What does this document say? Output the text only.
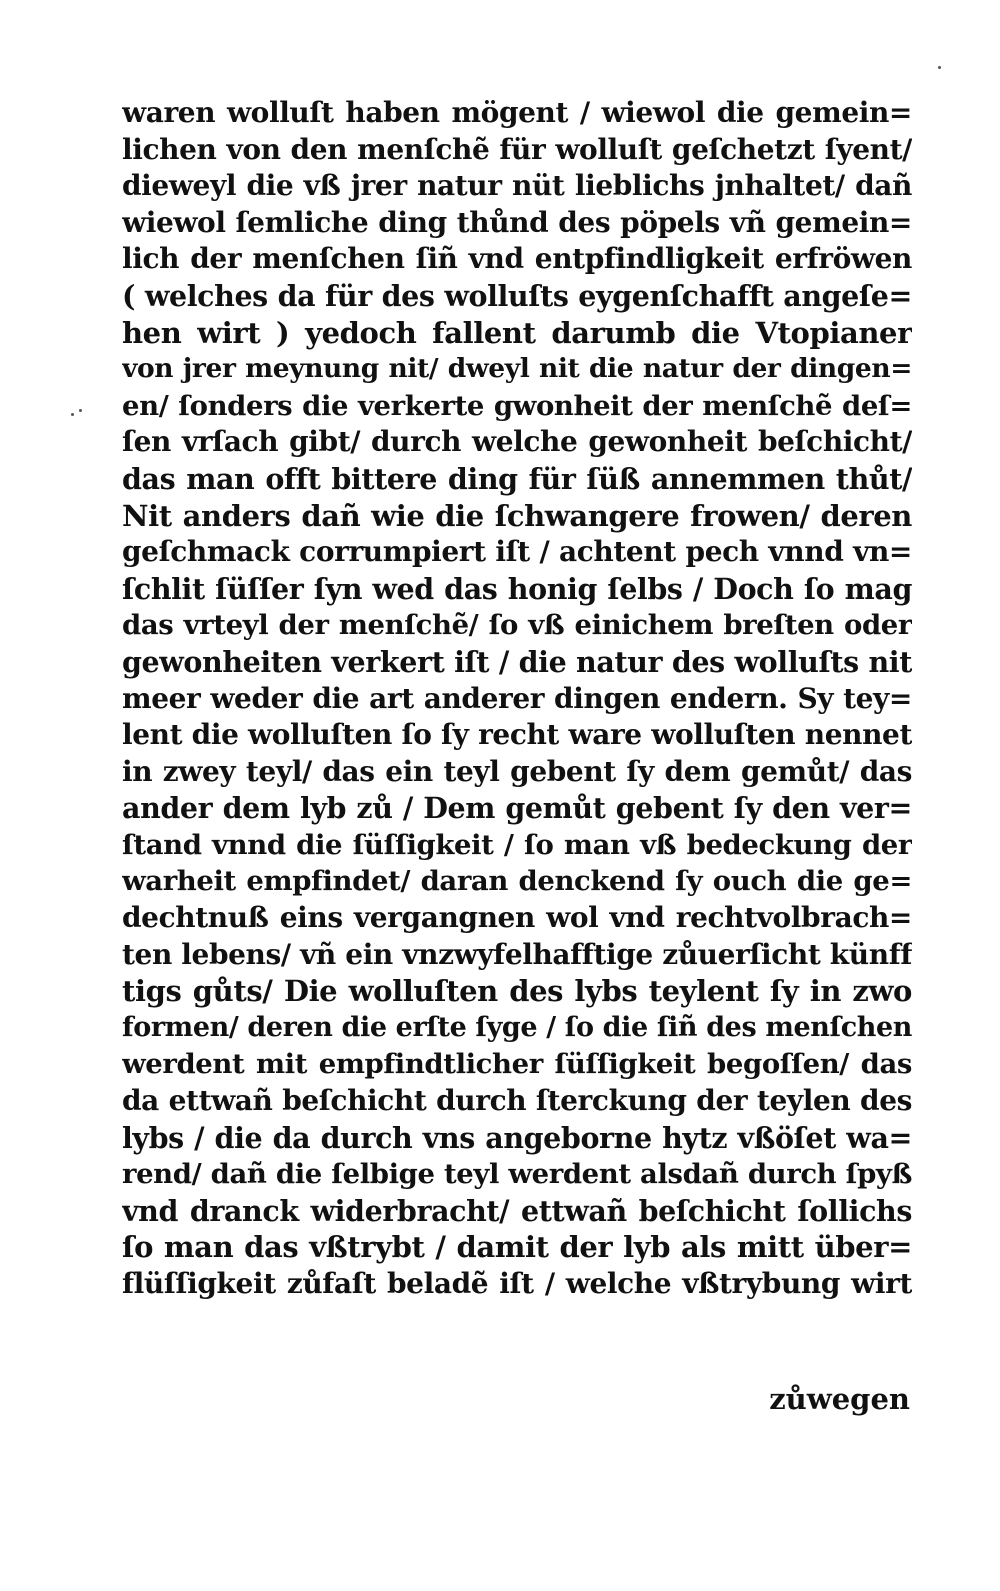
waren wolluſt haben mögent / wiewol die gemein=
lichen von den menſchẽ für wolluſt geſchetzt ſyent/
dieweyl die vß jrer natur nüt lieblichs jnhaltet/ dañ
wiewol ſemliche ding thůnd des pöpels vñ gemein=
lich der menſchen ſiñ vnd entpfindligkeit erfröwen
( welches da für des wolluſts eygenſchafft angeſe=
hen wirt ) yedoch fallent darumb die Vtopianer
von jrer meynung nit/ dweyl nit die natur der dingen=
en/ ſonders die verkerte gwonheit der menſchẽ deſ=
ſen vrſach gibt/ durch welche gewonheit beſchicht/
das man offt bittere ding für ſüß annemmen thůt/
Nit anders dañ wie die ſchwangere frowen/ deren
geſchmack corrumpiert iſt / achtent pech vnnd vn=
ſchlit ſüſſer ſyn wed das honig ſelbs / Doch ſo mag
das vrteyl der menſchẽ/ ſo vß einichem breſten oder
gewonheiten verkert iſt / die natur des wolluſts nit
meer weder die art anderer dingen endern. Sy tey=
lent die wolluſten ſo ſy recht ware wolluſten nennet
in zwey teyl/ das ein teyl gebent ſy dem gemůt/ das
ander dem lyb zů / Dem gemůt gebent ſy den ver=
ſtand vnnd die ſüſſigkeit / ſo man vß bedeckung der
warheit empfindet/ daran denckend ſy ouch die ge=
dechtnuß eins vergangnen wol vnd rechtvolbrach=
ten lebens/ vñ ein vnzwyfelhafftige zůuerſicht künff
tigs gůts/ Die wolluſten des lybs teylent ſy in zwo
formen/ deren die erſte ſyge / ſo die ſiñ des menſchen
werdent mit empfindtlicher ſüſſigkeit begoſſen/ das
da ettwañ beſchicht durch ſterckung der teylen des
lybs / die da durch vns angeborne hytz vßöſet wa=
rend/ dañ die ſelbige teyl werdent alsdañ durch ſpyß
vnd dranck widerbracht/ ettwañ beſchicht ſollichs
ſo man das vßtrybt / damit der lyb als mitt über=
flüſſigkeit zůfaſt beladẽ iſt / welche vßtrybung wirt
zůwegen
